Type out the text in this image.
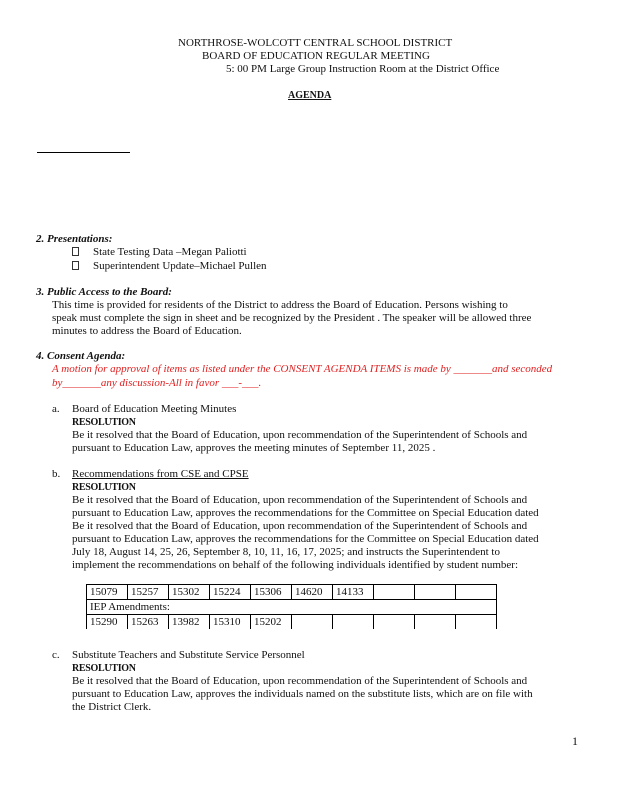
NORTHROSE-WOLCOTT CENTRAL SCHOOL DISTRICT
BOARD OF EDUCATION REGULAR MEETING
5: 00 PM Large Group Instruction Room at the District Office
AGENDA
2. Presentations:
State Testing Data –Megan Paliotti
Superintendent Update–Michael Pullen
3. Public Access to the Board:
This time is provided for residents of the District to address the Board of Education. Persons wishing to
speak must complete the sign in sheet and be recognized by the President . The speaker will be allowed three
minutes to address the Board of Education.
4. Consent Agenda:
A motion for approval of items as listed under the CONSENT AGENDA ITEMS is made by _______and seconded
by_______any discussion-All in favor ___-___.
a. Board of Education Meeting Minutes
RESOLUTION
Be it resolved that the Board of Education, upon recommendation of the Superintendent of Schools and
pursuant to Education Law, approves the meeting minutes of September 11, 2025 .
b. Recommendations from CSE and CPSE
RESOLUTION
Be it resolved that the Board of Education, upon recommendation of the Superintendent of Schools and
pursuant to Education Law, approves the recommendations for the Committee on Special Education dated
Be it resolved that the Board of Education, upon recommendation of the Superintendent of Schools and
pursuant to Education Law, approves the recommendations for the Committee on Special Education dated
July 18, August 14, 25, 26, September 8, 10, 11, 16, 17, 2025; and instructs the Superintendent to
implement the recommendations on behalf of the following individuals identified by student number:
15079	15257	15302	15224	15306	14620	14133			
IEP Amendments:									
15290	15263	13982	15310	15202					
c. Substitute Teachers and Substitute Service Personnel
RESOLUTION
Be it resolved that the Board of Education, upon recommendation of the Superintendent of Schools and
pursuant to Education Law, approves the individuals named on the substitute lists, which are on file with
the District Clerk.
1
